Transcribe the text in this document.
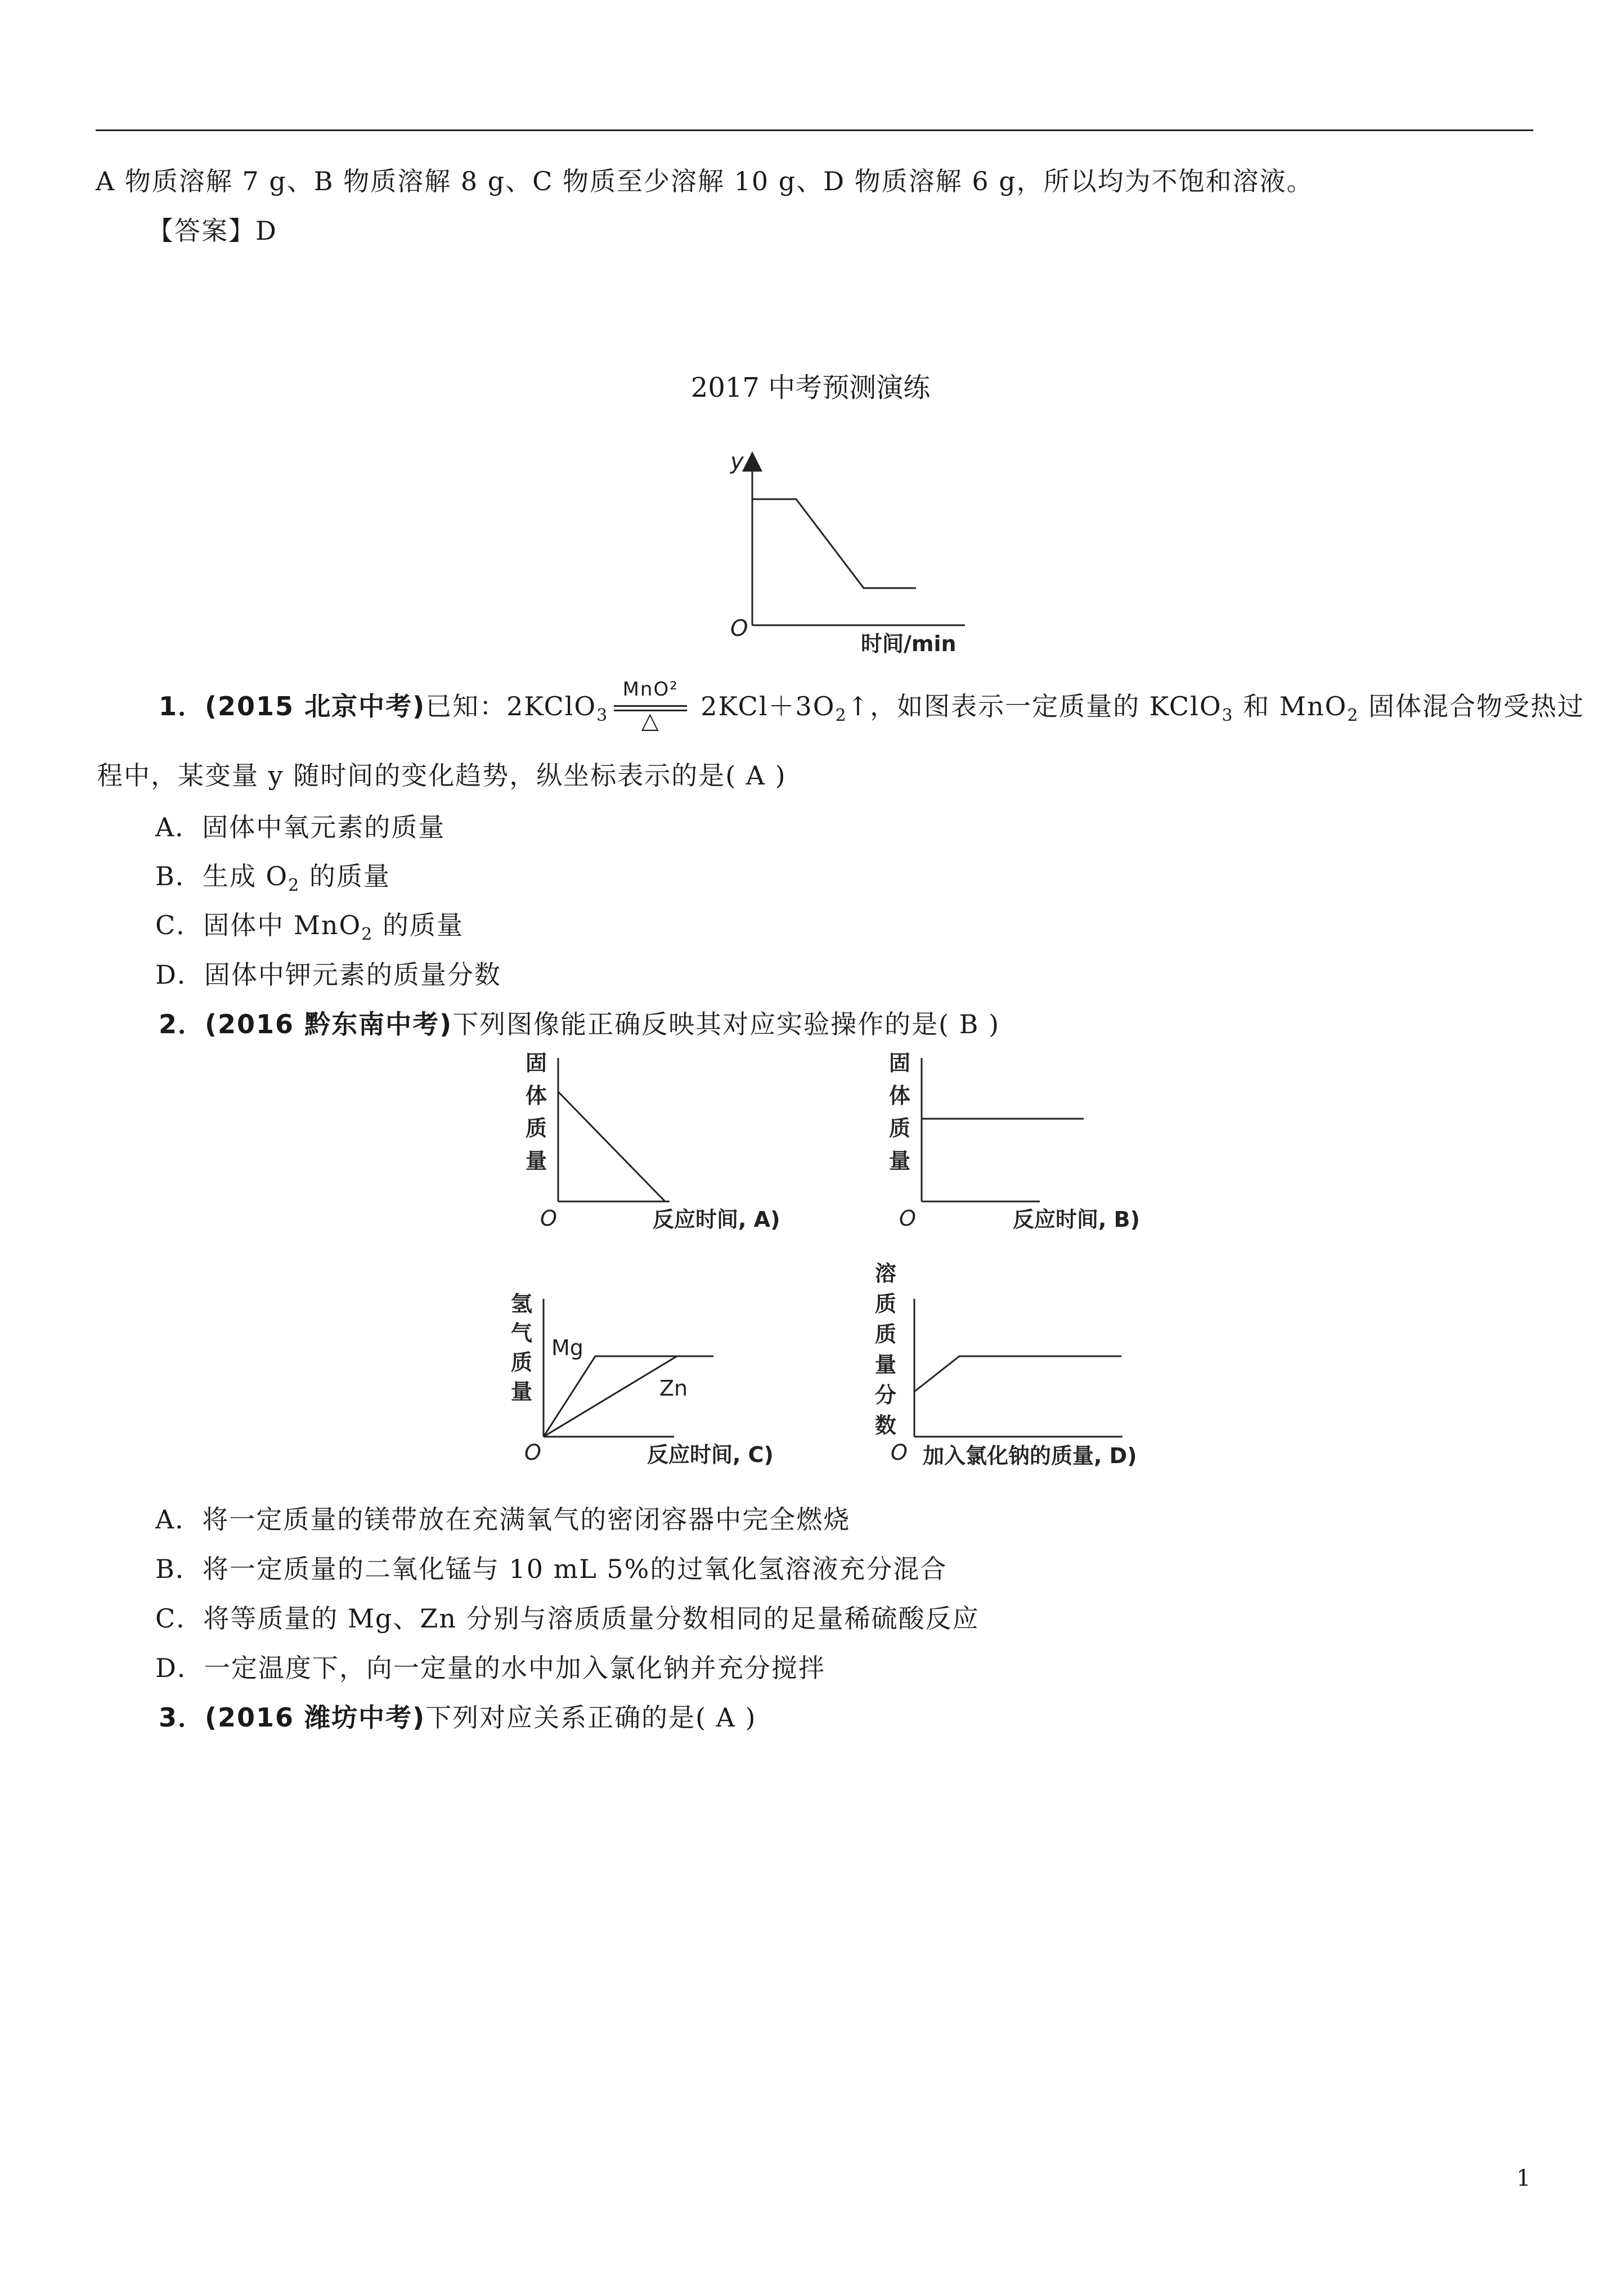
A 物质溶解 7 g、B 物质溶解 8 g、C 物质至少溶解 10 g、D 物质溶解 6 g，所以均为不饱和溶液。
【答案】D
2017 中考预测演练
y
O
时间/min
1．(2015 北京中考)已知：2KClO$_3$
MnO²
△	$2KCl+3O_2↑$，如图表示一定质量的 KClO$_3$ 和 MnO$_2$ 固体混合物受热过
程中，某变量 y 随时间的变化趋势，纵坐标表示的是( A )
A．固体中氧元素的质量
B．生成 $O_2$ 的质量
C．固体中 MnO$_2$ 的质量
D．固体中钾元素的质量分数
2．(2016 黔东南中考)下列图像能正确反映其对应实验操作的是( B )
固
体
质
量
O	反应时间, A)
固
体
质
量
O	反应时间, B)
氢
气
质
量
Mg
Zn
O	反应时间, C)
溶
质
质
量
分
数
O 加入氯化钠的质量, D)
A．将一定质量的镁带放在充满氧气的密闭容器中完全燃烧
B．将一定质量的二氧化锰与 10 mL 5%的过氧化氢溶液充分混合
C．将等质量的 Mg、Zn 分别与溶质质量分数相同的足量稀硫酸反应
D．一定温度下，向一定量的水中加入氯化钠并充分搅拌
3．(2016 潍坊中考)下列对应关系正确的是( A )
1
